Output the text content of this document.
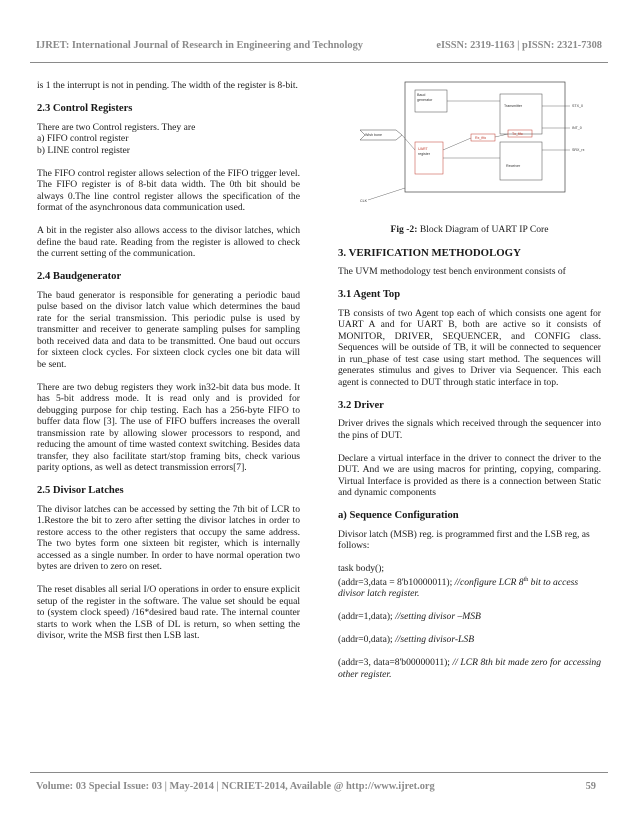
IJRET: International Journal of Research in Engineering and Technology	eISSN: 2319-1163 | pISSN: 2321-7308

is 1 the interrupt is not in pending. The width of the register is 8-bit.

2.3 Control Registers

There are two Control registers. They are
a) FIFO control register
b) LINE control register

The FIFO control register allows selection of the FIFO trigger level. The FIFO register is of 8-bit data width. The 0th bit should be always 0.The line control register allows the specification of the format of the asynchronous data communication used.

A bit in the register also allows access to the divisor latches, which define the baud rate. Reading from the register is allowed to check the current setting of the communication.

2.4 Baudgenerator

The baud generator is responsible for generating a periodic baud pulse based on the divisor latch value which determines the baud rate for the serial transmission. This periodic pulse is used by transmitter and receiver to generate sampling pulses for sampling both received data and data to be transmitted. One baud out occurs for sixteen clock cycles. For sixteen clock cycles one bit data will be sent.

There are two debug registers they work in32-bit data bus mode. It has 5-bit address mode. It is read only and is provided for debugging purpose for chip testing. Each has a 256-byte FIFO to buffer data flow [3]. The use of FIFO buffers increases the overall transmission rate by allowing slower processors to respond, and reducing the amount of time wasted context switching. Besides data transfer, they also facilitate start/stop framing bits, check various parity options, as well as detect transmission errors[7].

2.5 Divisor Latches

The divisor latches can be accessed by setting the 7th bit of LCR to 1.Restore the bit to zero after setting the divisor latches in order to restore access to the other registers that occupy the same address. The two bytes form one sixteen bit register, which is internally accessed as a single number. In order to have normal operation two bytes are driven to zero on reset.

The reset disables all serial I/O operations in order to ensure explicit setup of the register in the software. The value set should be equal to (system clock speed) /16*desired baud rate. The internal counter starts to work when the LSB of DL is return, so when setting the divisor, write the MSB first then LSB last.

Baud
generator
Transmitter	STX_0
INT_0
SRX_rx
Wish bone
Rx_fifo
Tx_fifo
UART
register
Receiver
CLK
Fig -2: Block Diagram of UART IP Core
3. VERIFICATION METHODOLOGY

The UVM methodology test bench environment consists of

3.1 Agent Top

TB consists of two Agent top each of which consists one agent for UART A and for UART B, both are active so it consists of MONITOR, DRIVER, SEQUENCER, and CONFIG class. Sequences will be outside of TB, it will be connected to sequencer in run_phase of test case using start method. The sequences will generates stimulus and gives to Driver via Sequencer. This each agent is connected to DUT through static interface in top.

3.2 Driver

Driver drives the signals which received through the sequencer into the pins of DUT.

Declare a virtual interface in the driver to connect the driver to the DUT. And we are using macros for printing, copying, comparing. Virtual Interface is provided as there is a connection between Static and dynamic components

a) Sequence Configuration

Divisor latch (MSB) reg. is programmed first and the LSB reg, as follows:

task body();

(addr=3,data = 8'b10000011); //configure LCR 8th bit to access divisor latch register.

(addr=1,data); //setting divisor –MSB

(addr=0,data); //setting divisor-LSB

(addr=3, data=8'b00000011); // LCR 8th bit made zero for accessing other register.

Volume: 03 Special Issue: 03 | May-2014 | NCRIET-2014, Available @ http://www.ijret.org	59
